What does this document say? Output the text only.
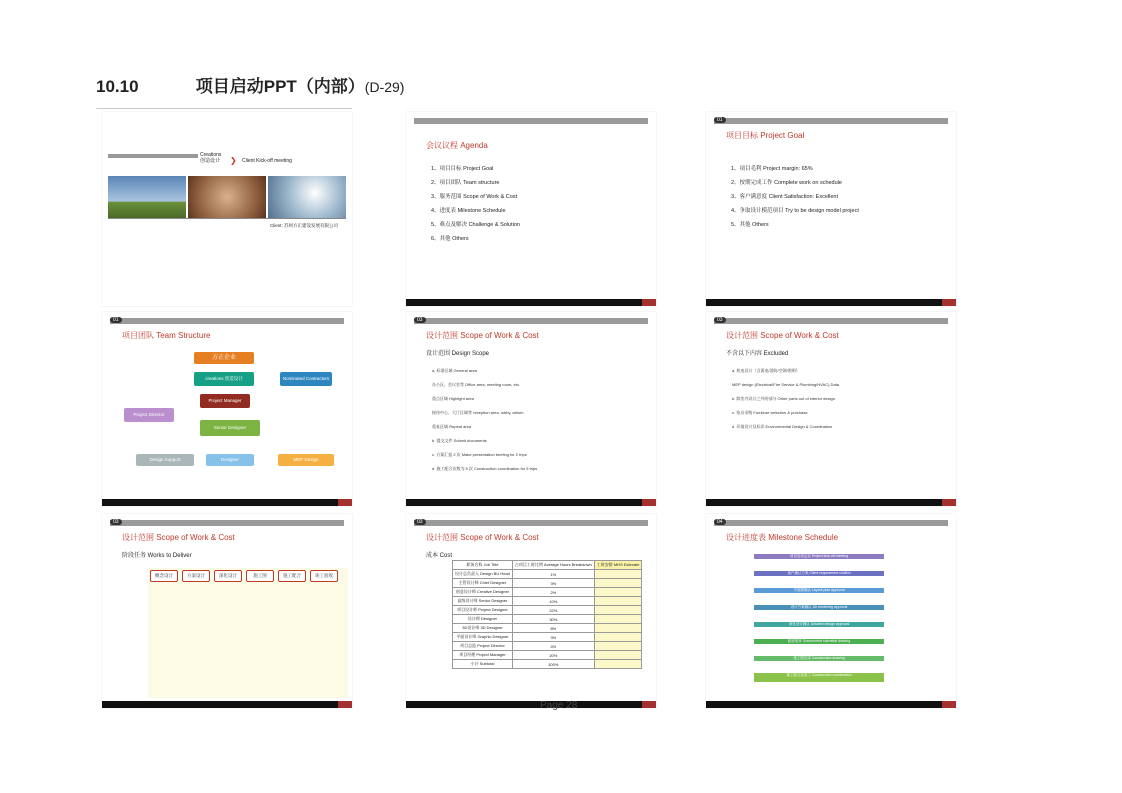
10.10	项目启动PPT（内部）(D-29)
Creations
创造设计 ❯ Client Kick-off meeting
Client: 苏州方正建设发展有限公司
会议议程 Agenda
1、项目目标 Project Goal
2、项目团队 Team structure
3、服务范围 Scope of Work & Cost
4、进度表 Milestone Schedule
5、难点及解决 Challenge & Solution
6、其他 Others
01
项目目标 Project Goal
1、项目毛利 Project margin: 65%
2、按期完成工作 Complete work on schedule
3、客户满意度 Client Satisfaction: Excellent
4、争取设计模范项目 Try to be design model project
5、其他 Others
01
项目团队 Team Structure
方正企业
creations 创造设计	Nominated Contractors
Project Manager
Project Director
Senior Designer
Design Support	Designer	MEP Design
03
设计范围 Scope of Work & Cost
设计范围 Design Scope
a. 标准区域 General area
办公区、会议室等 Office area, meeting room, etc.
重点区域 Highlight area
接待中心、大厅区域等 reception area, lobby, atrium
重复区域 Repeat area
b. 提交文件 Submit documents
c. 方案汇报 2 次 Make presentation briefing for 2 trips
d. 施工配合次数为 5 次 Construction coordination for 5 trips
03
设计范围 Scope of Work & Cost
不含以下内容 Excluded
a. 机电设计（含弱电/消防/空调/照明）
MEP design (Electrical/Fire Service & Plumbing/HVAC) Data
b. 除室内设计之外的部分 Other parts out of interior design
c. 家具采购 Furniture selection & purchase
d. 环境设计及标识 Environmental Design & Coordination
03
设计范围 Scope of Work & Cost
阶段任务 Works to Deliver
概念设计	方案设计	深化设计	施工图	施工配合	竣工验收
03
设计范围 Scope of Work & Cost
成本 Cost
职务名称 Job Title	占项目工时比例 Average Hours Breakdown	工时安排 MHS Estimate
设计总负责人 Design BU Head	1%	
主管设计师 Chief Designer	3%	
创意设计师 Creative Designer	2%	
高级设计师 Senior Designer	10%	
项目设计师 Project Designer	22%	
设计师 Designer	30%	
3D设计师 3D Designer	8%	
平面设计师 Graphic Designer	3%	
项目总监 Project Director	4%	
项目经理 Project Manager	20%	
小计 Subtotal	100%	
04
设计进度表 Milestone Schedule
项目启动会议 Project kick-off meeting
客户确认方案 Client requirement confirm
平面图确认 Layout plan approval
设计方案确认 3D rendering approval
深化设计确认 Detailed design approval
政府报审 Government submittal drawing
施工图完成 Construction drawing
施工配合及竣工 Construction coordination
Page 28
